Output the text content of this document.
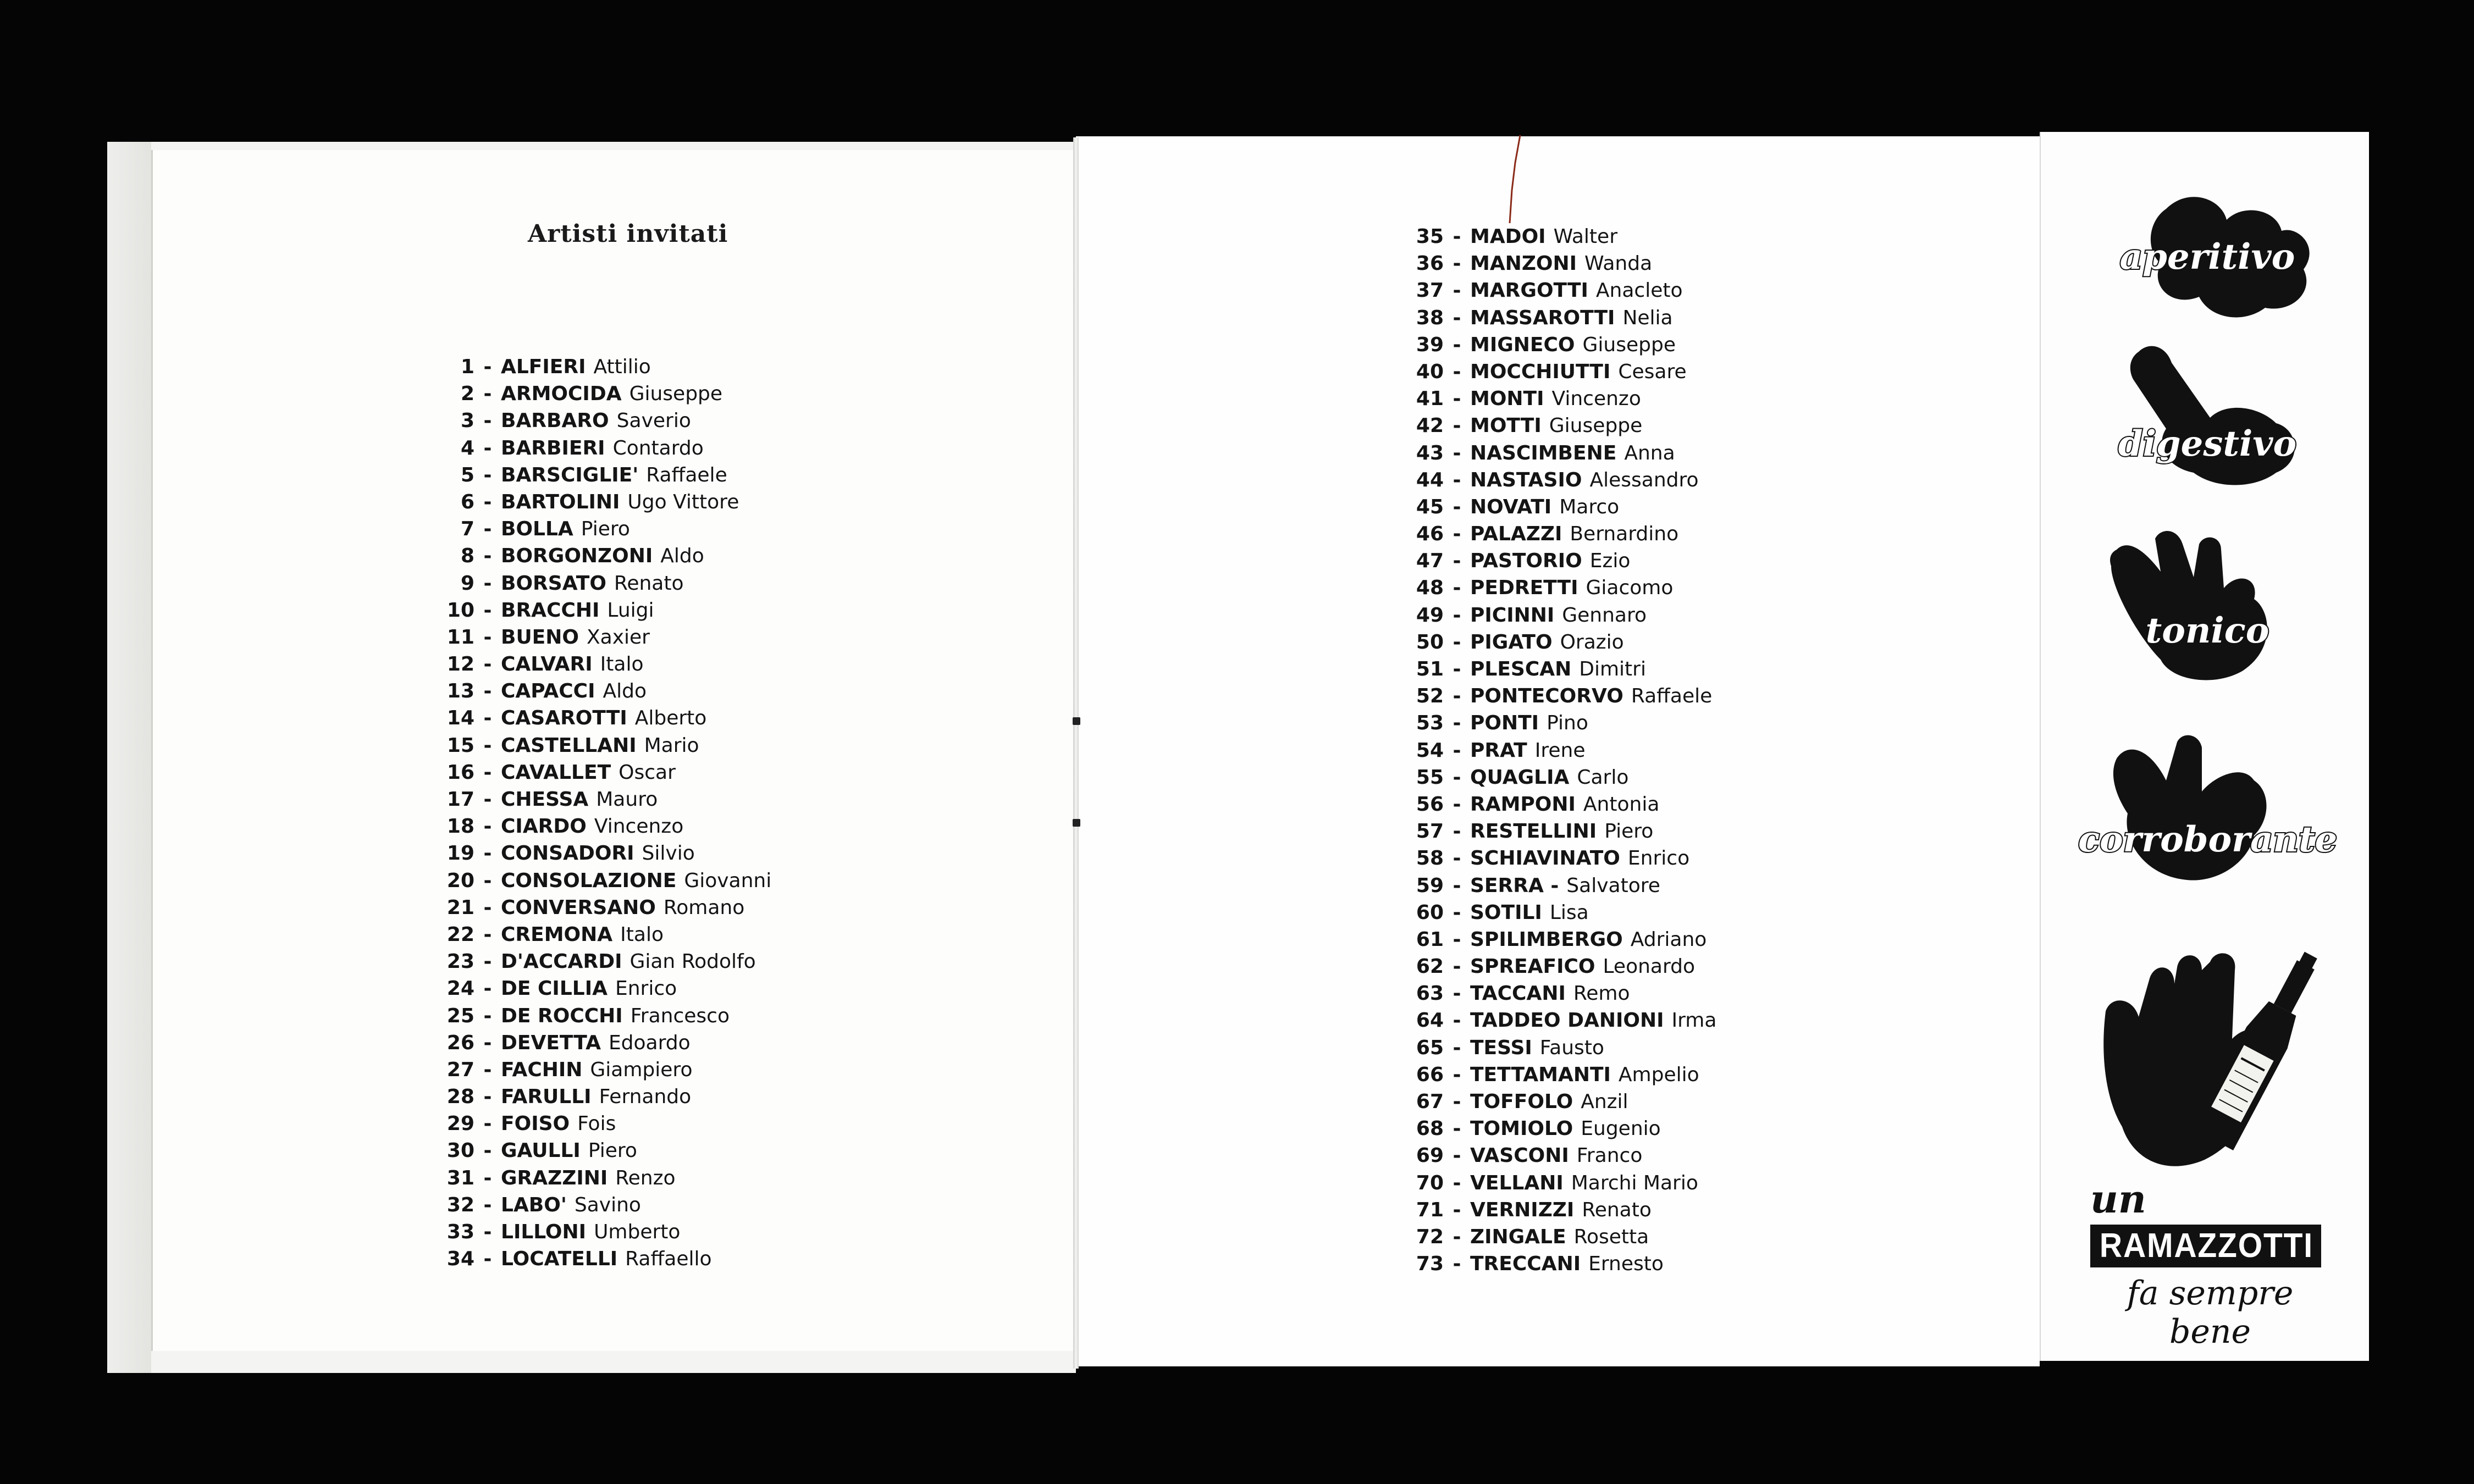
Artisti invitati
1 - ALFIERI Attilio
2 - ARMOCIDA Giuseppe
3 - BARBARO Saverio
4 - BARBIERI Contardo
5 - BARSCIGLIE' Raffaele
6 - BARTOLINI Ugo Vittore
7 - BOLLA Piero
8 - BORGONZONI Aldo
9 - BORSATO Renato
10 - BRACCHI Luigi
11 - BUENO Xaxier
12 - CALVARI Italo
13 - CAPACCI Aldo
14 - CASAROTTI Alberto
15 - CASTELLANI Mario
16 - CAVALLET Oscar
17 - CHESSA Mauro
18 - CIARDO Vincenzo
19 - CONSADORI Silvio
20 - CONSOLAZIONE Giovanni
21 - CONVERSANO Romano
22 - CREMONA Italo
23 - D'ACCARDI Gian Rodolfo
24 - DE CILLIA Enrico
25 - DE ROCCHI Francesco
26 - DEVETTA Edoardo
27 - FACHIN Giampiero
28 - FARULLI Fernando
29 - FOISO Fois
30 - GAULLI Piero
31 - GRAZZINI Renzo
32 - LABO' Savino
33 - LILLONI Umberto
34 - LOCATELLI Raffaello
35 - MADOI Walter
36 - MANZONI Wanda
37 - MARGOTTI Anacleto
38 - MASSAROTTI Nelia
39 - MIGNECO Giuseppe
40 - MOCCHIUTTI Cesare
41 - MONTI Vincenzo
42 - MOTTI Giuseppe
43 - NASCIMBENE Anna
44 - NASTASIO Alessandro
45 - NOVATI Marco
46 - PALAZZI Bernardino
47 - PASTORIO Ezio
48 - PEDRETTI Giacomo
49 - PICINNI Gennaro
50 - PIGATO Orazio
51 - PLESCAN Dimitri
52 - PONTECORVO Raffaele
53 - PONTI Pino
54 - PRAT Irene
55 - QUAGLIA Carlo
56 - RAMPONI Antonia
57 - RESTELLINI Piero
58 - SCHIAVINATO Enrico
59 - SERRA - Salvatore
60 - SOTILI Lisa
61 - SPILIMBERGO Adriano
62 - SPREAFICO Leonardo
63 - TACCANI Remo
64 - TADDEO DANIONI Irma
65 - TESSI Fausto
66 - TETTAMANTI Ampelio
67 - TOFFOLO Anzil
68 - TOMIOLO Eugenio
69 - VASCONI Franco
70 - VELLANI Marchi Mario
71 - VERNIZZI Renato
72 - ZINGALE Rosetta
73 - TRECCANI Ernesto
aperitivo
digestivo
tonico
corroborante
un
RAMAZZOTTI
fa sempre bene
